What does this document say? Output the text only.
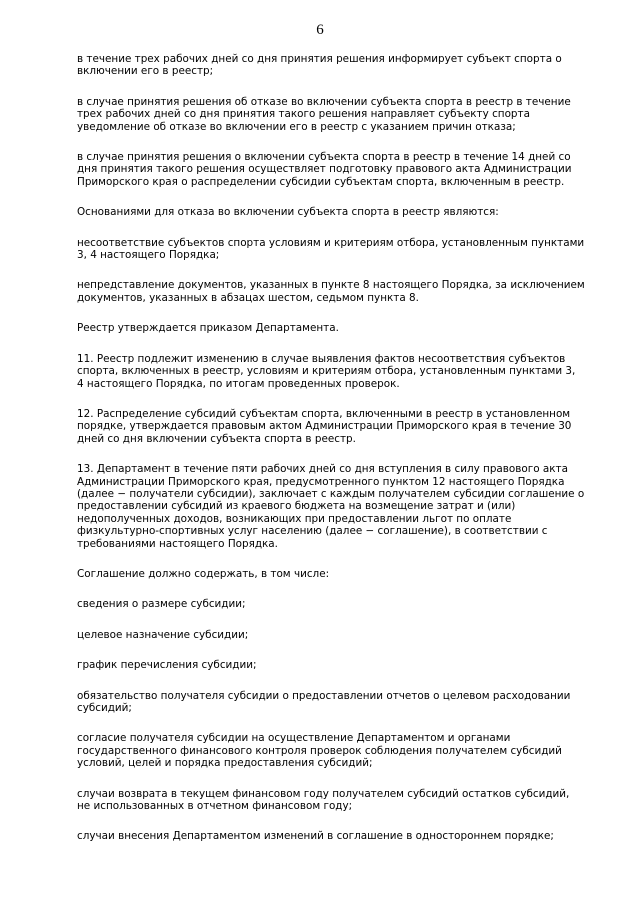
6

в течение трех рабочих дней со дня принятия решения информирует субъект спорта о включении его в реестр;

в случае принятия решения об отказе во включении субъекта спорта в реестр в течение трех рабочих дней со дня принятия такого решения направляет субъекту спорта уведомление об отказе во включении его в реестр с указанием причин отказа;

в случае принятия решения о включении субъекта спорта в реестр в течение 14 дней со дня принятия такого решения осуществляет подготовку правового акта Администрации Приморского края о распределении субсидии субъектам спорта, включенным в реестр.

Основаниями для отказа во включении субъекта спорта в реестр являются:

несоответствие субъектов спорта условиям и критериям отбора, установленным пунктами 3, 4 настоящего Порядка;

непредставление документов, указанных в пункте 8 настоящего Порядка, за исключением документов, указанных в абзацах шестом, седьмом пункта 8.

Реестр утверждается приказом Департамента.

11. Реестр подлежит изменению в случае выявления фактов несоответствия субъектов спорта, включенных в реестр, условиям и критериям отбора, установленным пунктами 3, 4 настоящего Порядка, по итогам проведенных проверок.

12. Распределение субсидий субъектам спорта, включенными в реестр в установленном порядке, утверждается правовым актом Администрации Приморского края в течение 30 дней со дня включении субъекта спорта в реестр.

13. Департамент в течение пяти рабочих дней со дня вступления в силу правового акта Администрации Приморского края, предусмотренного пунктом 12 настоящего Порядка (далее − получатели субсидии), заключает с каждым получателем субсидии соглашение о предоставлении субсидий из краевого бюджета на возмещение затрат и (или) недополученных доходов, возникающих при предоставлении льгот по оплате физкультурно-спортивных услуг населению (далее − соглашение), в соответствии с требованиями настоящего Порядка.

Соглашение должно содержать, в том числе:

сведения о размере субсидии;

целевое назначение субсидии;

график перечисления субсидии;

обязательство получателя субсидии о предоставлении отчетов о целевом расходовании субсидий;

согласие получателя субсидии на осуществление Департаментом и органами государственного финансового контроля проверок соблюдения получателем субсидий условий, целей и порядка предоставления субсидий;

случаи возврата в текущем финансовом году получателем субсидий остатков субсидий, не использованных в отчетном финансовом году;

случаи внесения Департаментом изменений в соглашение в одностороннем порядке;
